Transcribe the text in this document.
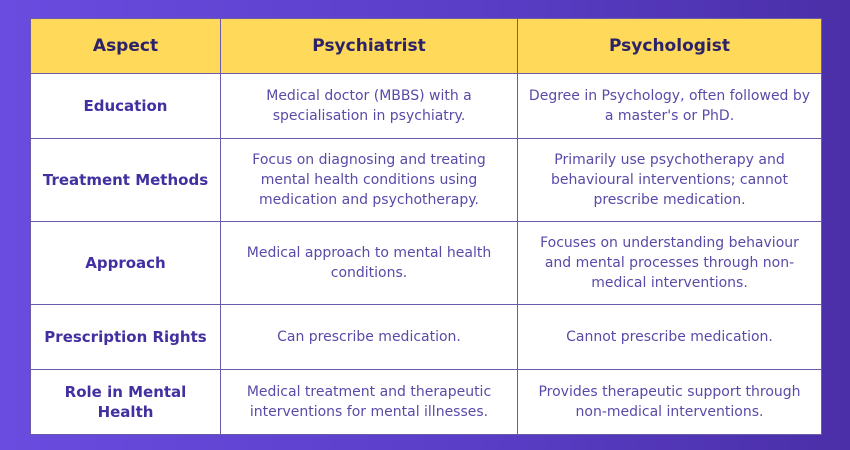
Aspect	Psychiatrist	Psychologist
Education	Medical doctor (MBBS) with a specialisation in psychiatry.	Degree in Psychology, often followed by a master's or PhD.
Treatment Methods	Focus on diagnosing and treating mental health conditions using medication and psychotherapy.	Primarily use psychotherapy and behavioural interventions; cannot prescribe medication.
Approach	Medical approach to mental health conditions.	Focuses on understanding behaviour and mental processes through non-medical interventions.
Prescription Rights	Can prescribe medication.	Cannot prescribe medication.
Role in Mental Health	Medical treatment and therapeutic interventions for mental illnesses.	Provides therapeutic support through non-medical interventions.
